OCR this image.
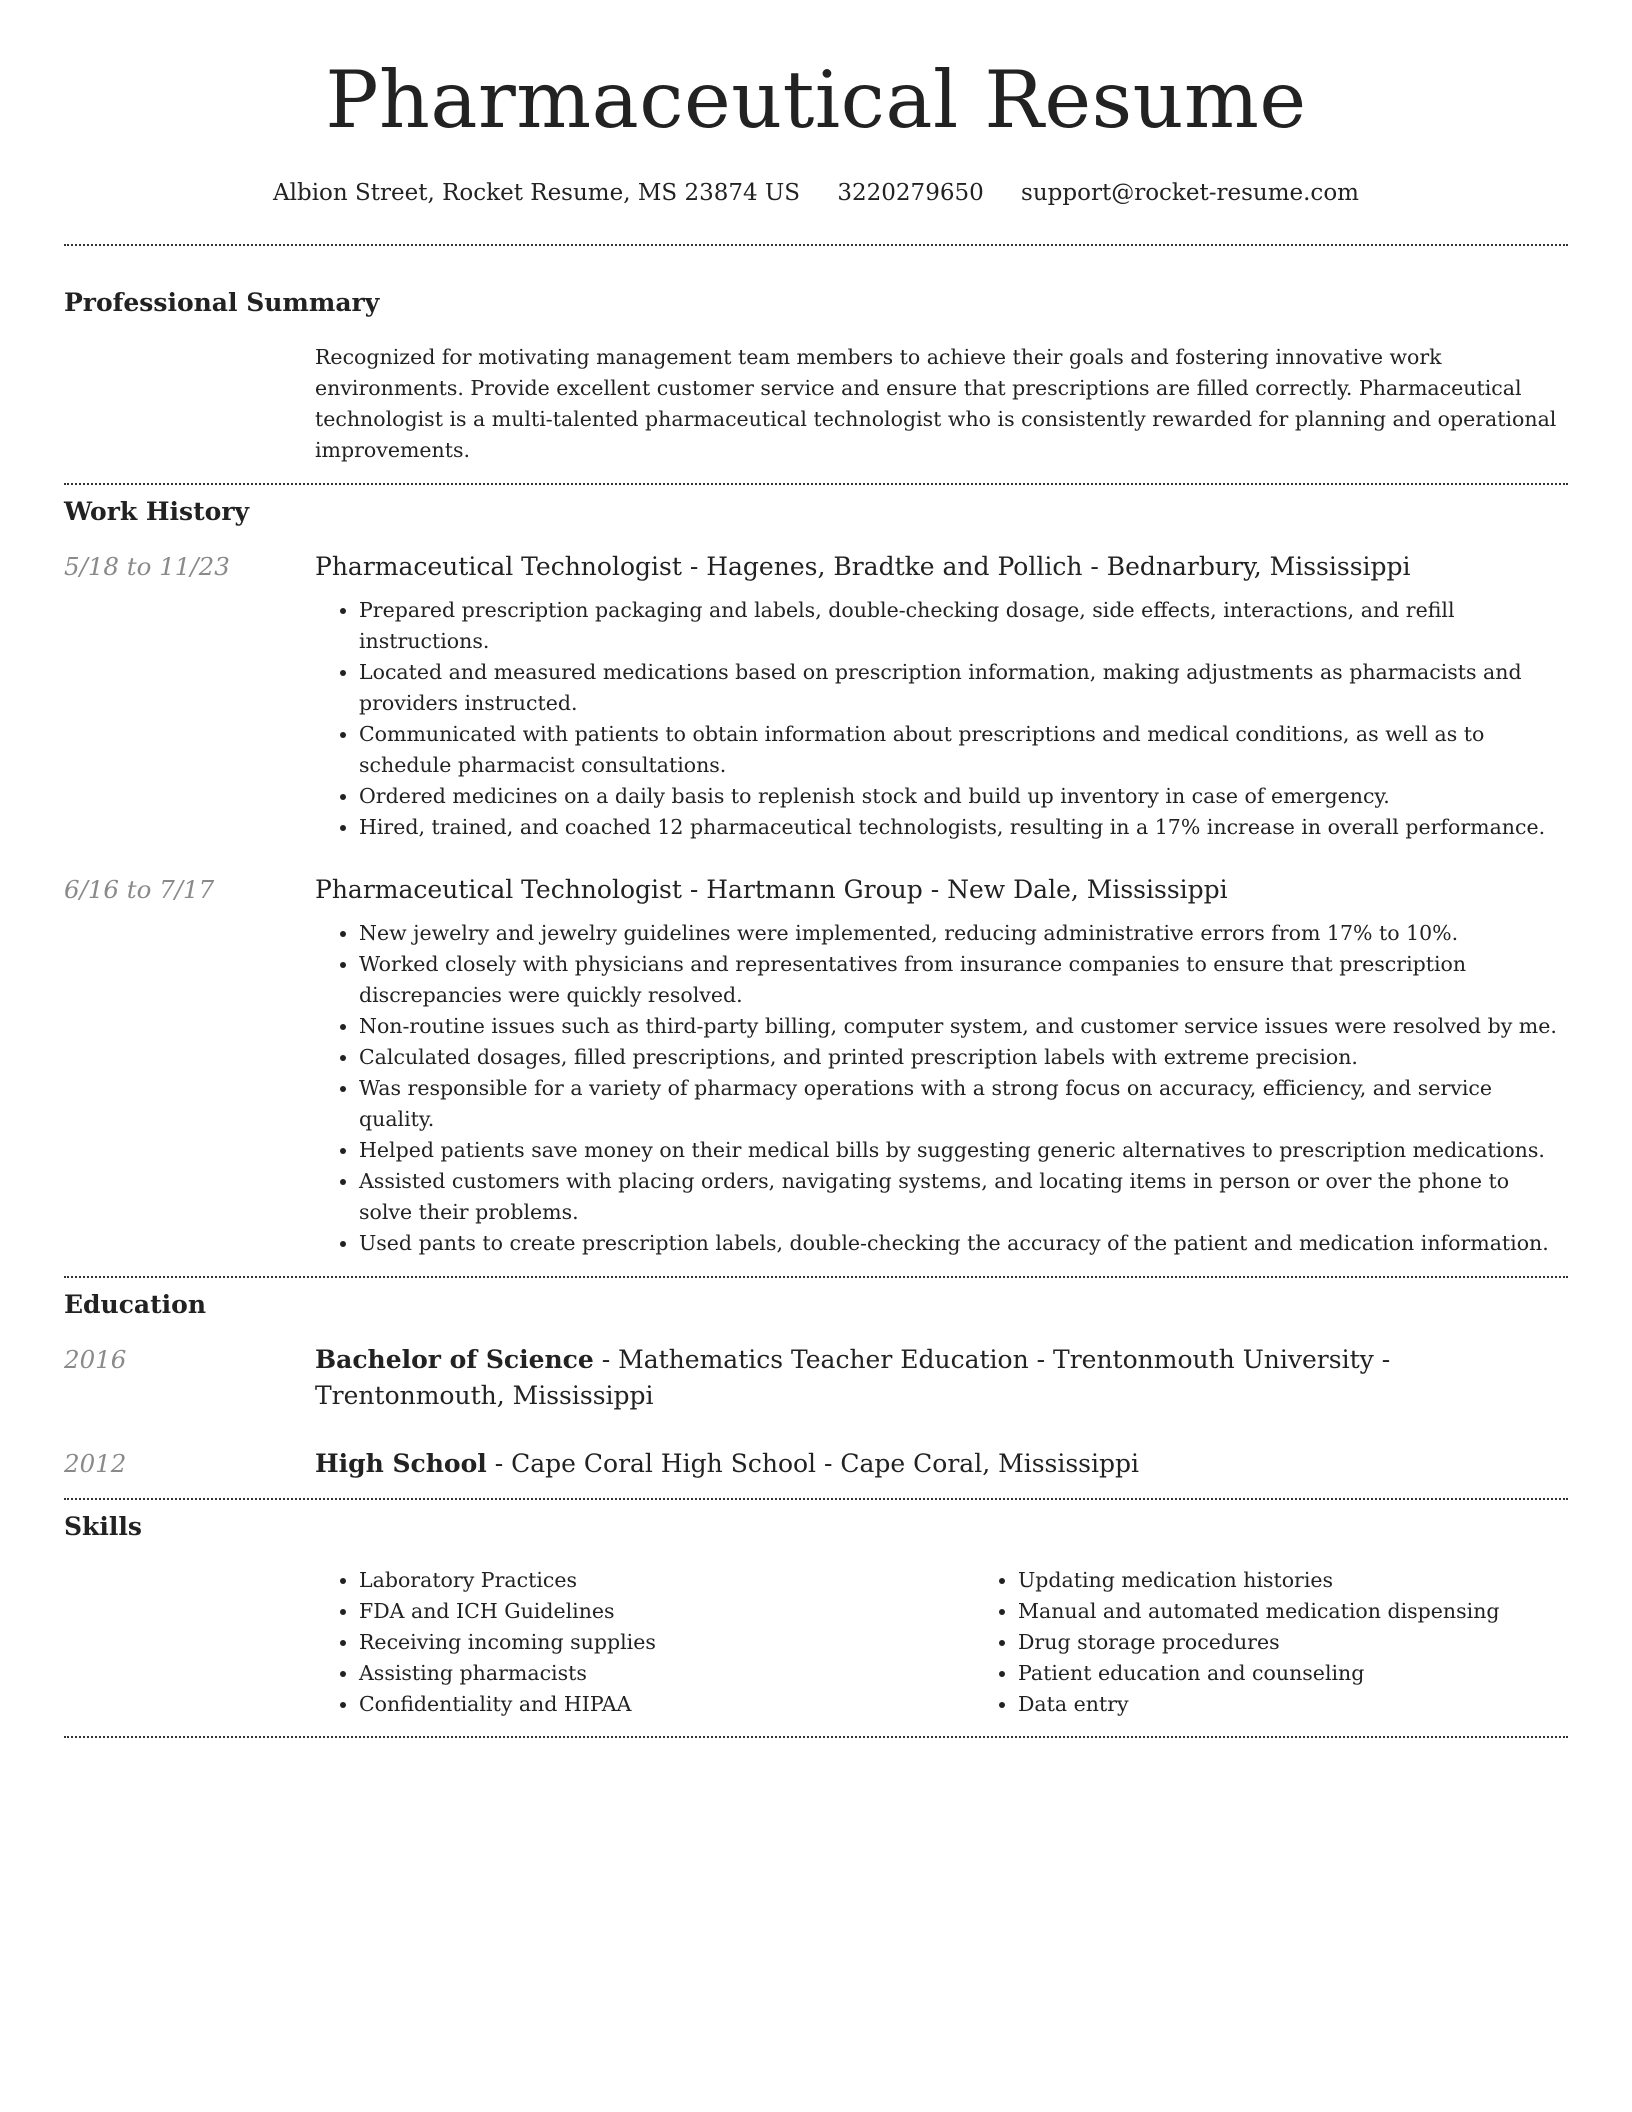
Pharmaceutical Resume
Albion Street, Rocket Resume, MS 23874 US 3220279650 support@rocket-resume.com
Professional Summary

Recognized for motivating management team members to achieve their goals and fostering innovative work environments. Provide excellent customer service and ensure that prescriptions are filled correctly. Pharmaceutical technologist is a multi-talented pharmaceutical technologist who is consistently rewarded for planning and operational improvements.

Work History
5/18 to 11/23	Pharmaceutical Technologist - Hagenes, Bradtke and Pollich - Bednarbury, Mississippi
• Prepared prescription packaging and labels, double-checking dosage, side effects, interactions, and refill instructions.
• Located and measured medications based on prescription information, making adjustments as pharmacists and providers instructed.
• Communicated with patients to obtain information about prescriptions and medical conditions, as well as to schedule pharmacist consultations.
• Ordered medicines on a daily basis to replenish stock and build up inventory in case of emergency.
• Hired, trained, and coached 12 pharmaceutical technologists, resulting in a 17% increase in overall performance.
6/16 to 7/17	Pharmaceutical Technologist - Hartmann Group - New Dale, Mississippi
• New jewelry and jewelry guidelines were implemented, reducing administrative errors from 17% to 10%.
• Worked closely with physicians and representatives from insurance companies to ensure that prescription discrepancies were quickly resolved.
• Non-routine issues such as third-party billing, computer system, and customer service issues were resolved by me.
• Calculated dosages, filled prescriptions, and printed prescription labels with extreme precision.
• Was responsible for a variety of pharmacy operations with a strong focus on accuracy, efficiency, and service quality.
• Helped patients save money on their medical bills by suggesting generic alternatives to prescription medications.
• Assisted customers with placing orders, navigating systems, and locating items in person or over the phone to solve their problems.
• Used pants to create prescription labels, double-checking the accuracy of the patient and medication information.
Education
2016	Bachelor of Science - Mathematics Teacher Education - Trentonmouth University - Trentonmouth, Mississippi
2012	High School - Cape Coral High School - Cape Coral, Mississippi
Skills
• Laboratory Practices
• FDA and ICH Guidelines
• Receiving incoming supplies
• Assisting pharmacists
• Confidentiality and HIPAA
• Updating medication histories
• Manual and automated medication dispensing
• Drug storage procedures
• Patient education and counseling
• Data entry
